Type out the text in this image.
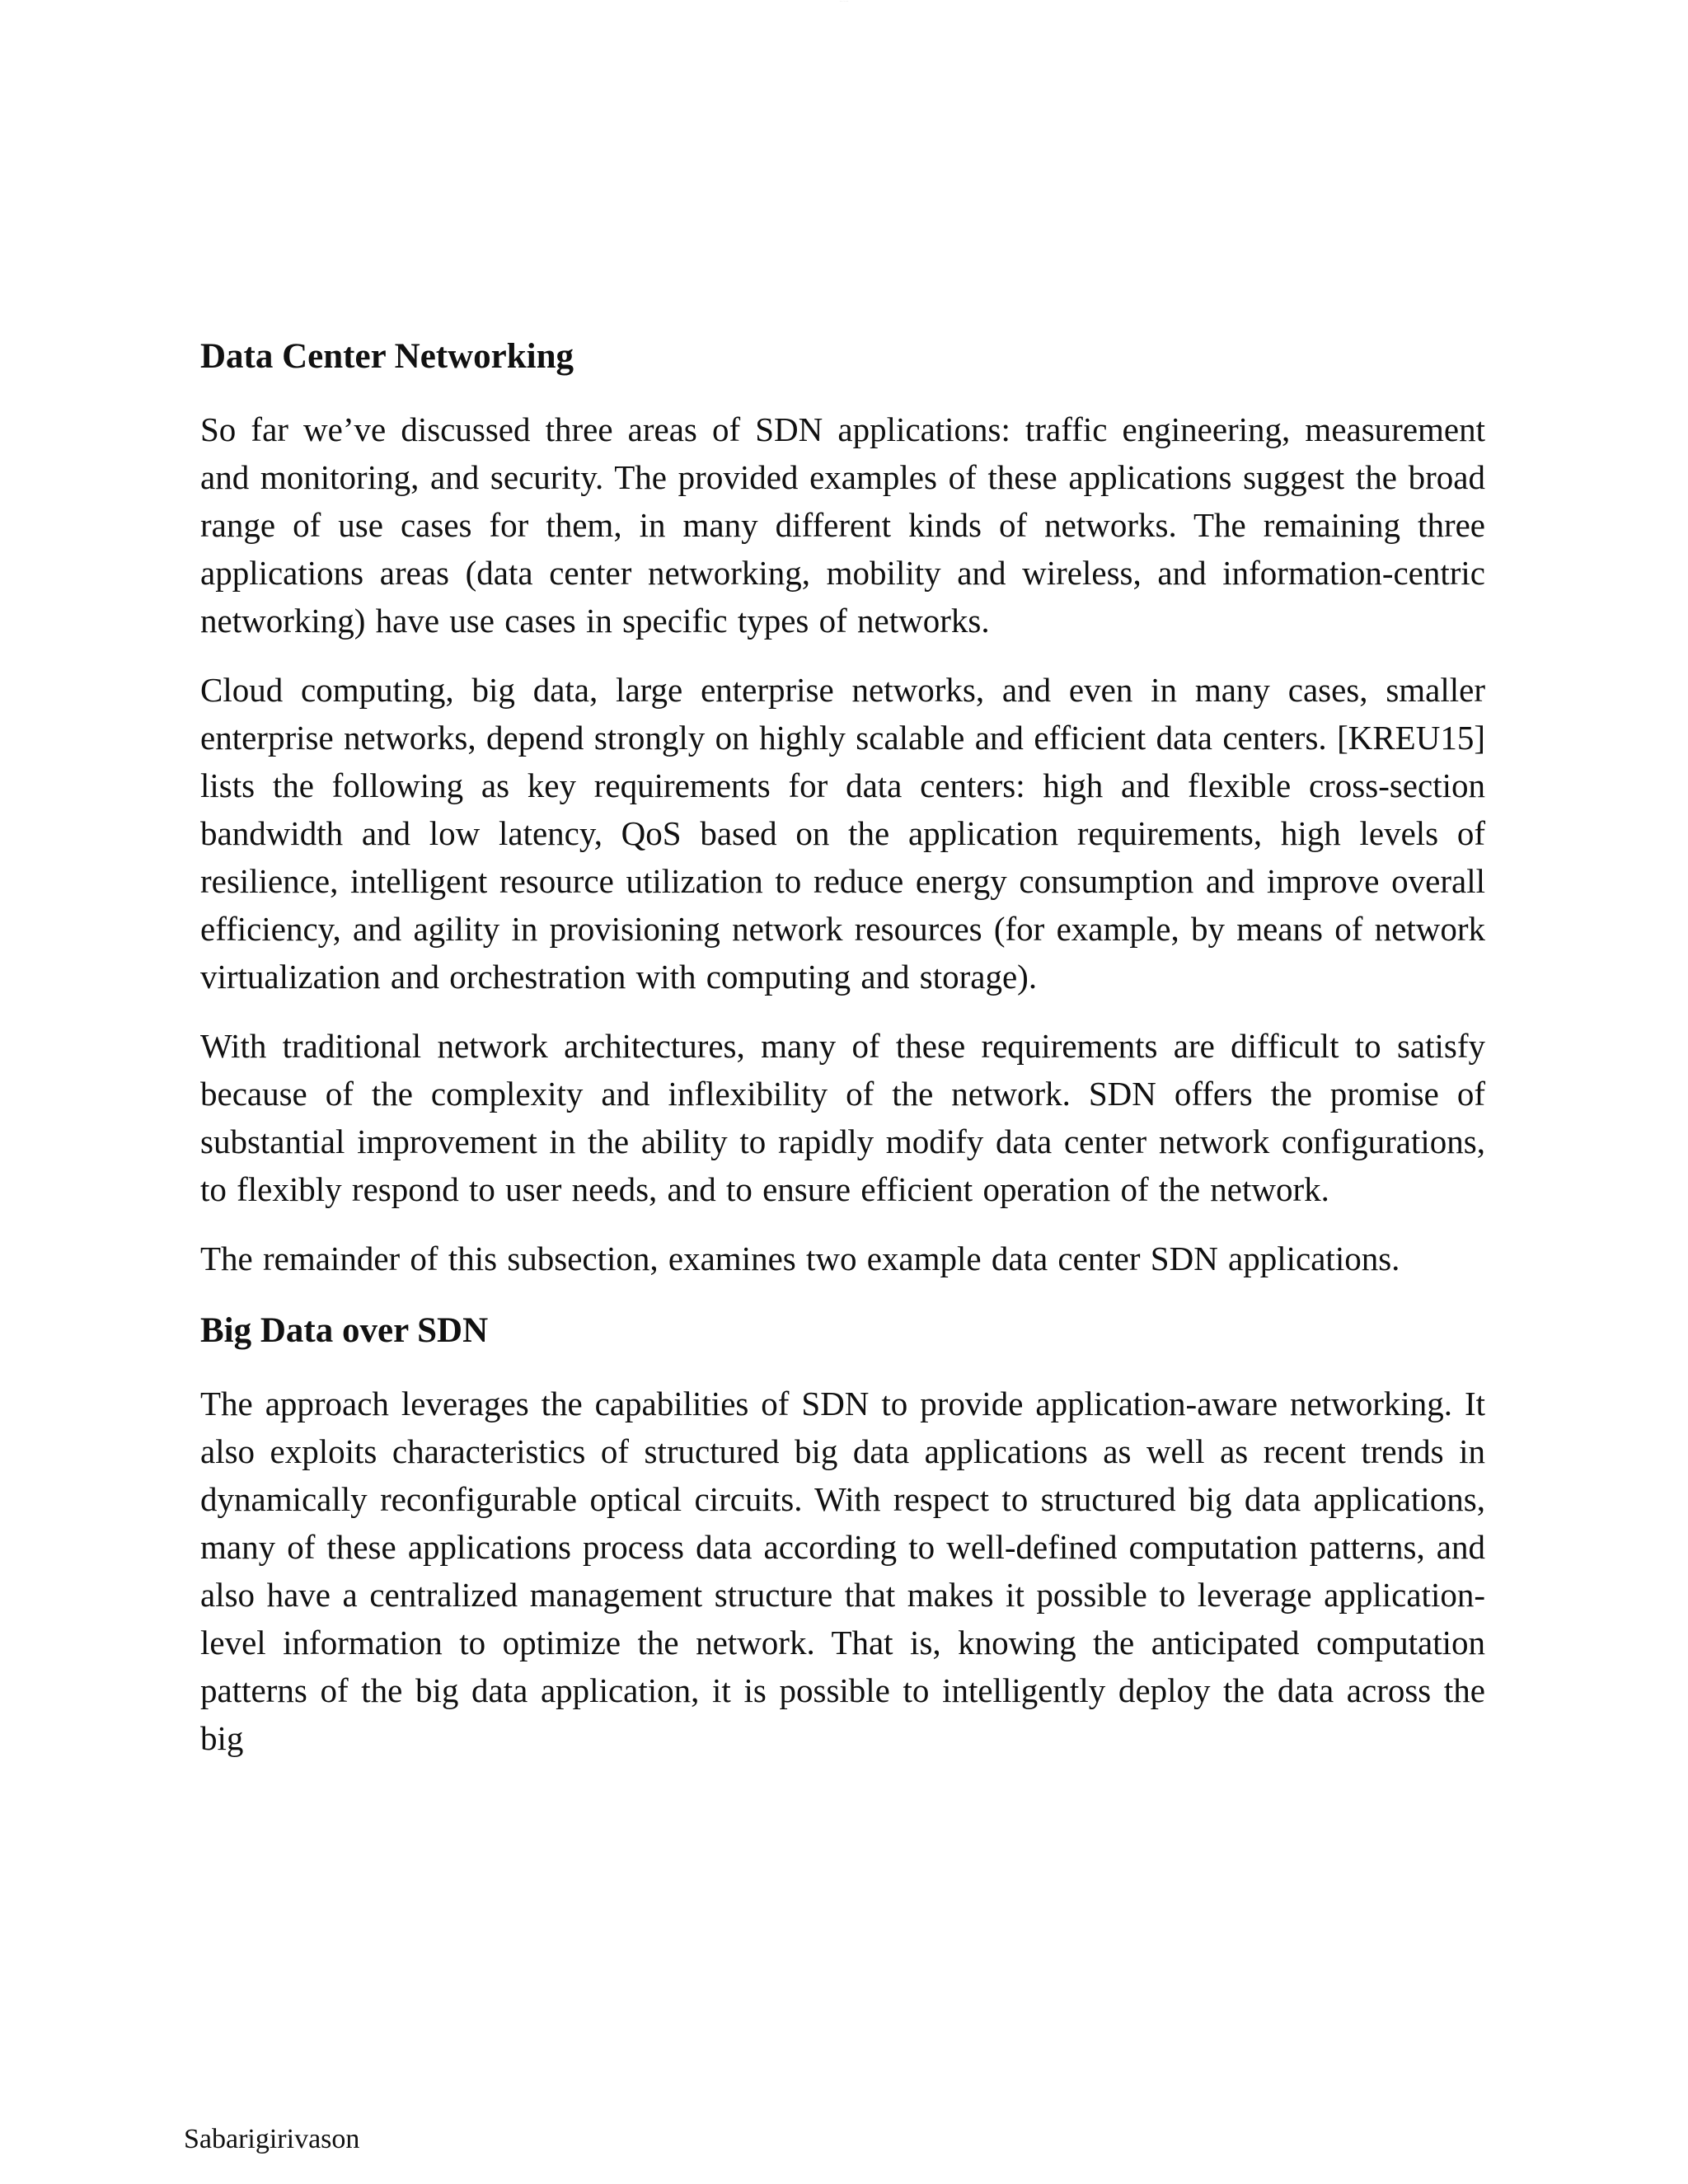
· · · · ·
Data Center Networking

So far we’ve discussed three areas of SDN applications: traffic engineering, measurement and monitoring, and security. The provided examples of these applications suggest the broad range of use cases for them, in many different kinds of networks. The remaining three applications areas (data center networking, mobility and wireless, and information-centric networking) have use cases in specific types of networks.

Cloud computing, big data, large enterprise networks, and even in many cases, smaller enterprise networks, depend strongly on highly scalable and efficient data centers. [KREU15] lists the following as key requirements for data centers: high and flexible cross-section bandwidth and low latency, QoS based on the application requirements, high levels of resilience, intelligent resource utilization to reduce energy consumption and improve overall efficiency, and agility in provisioning network resources (for example, by means of network virtualization and orchestration with computing and storage).

With traditional network architectures, many of these requirements are difficult to satisfy because of the complexity and inflexibility of the network. SDN offers the promise of substantial improvement in the ability to rapidly modify data center network configurations, to flexibly respond to user needs, and to ensure efficient operation of the network.

The remainder of this subsection, examines two example data center SDN applications.

Big Data over SDN

The approach leverages the capabilities of SDN to provide application-aware networking. It also exploits characteristics of structured big data applications as well as recent trends in dynamically reconfigurable optical circuits. With respect to structured big data applications, many of these applications process data according to well-defined computation patterns, and also have a centralized management structure that makes it possible to leverage application-level information to optimize the network. That is, knowing the anticipated computation patterns of the big data application, it is possible to intelligently deploy the data across the big

Sabarigirivason
